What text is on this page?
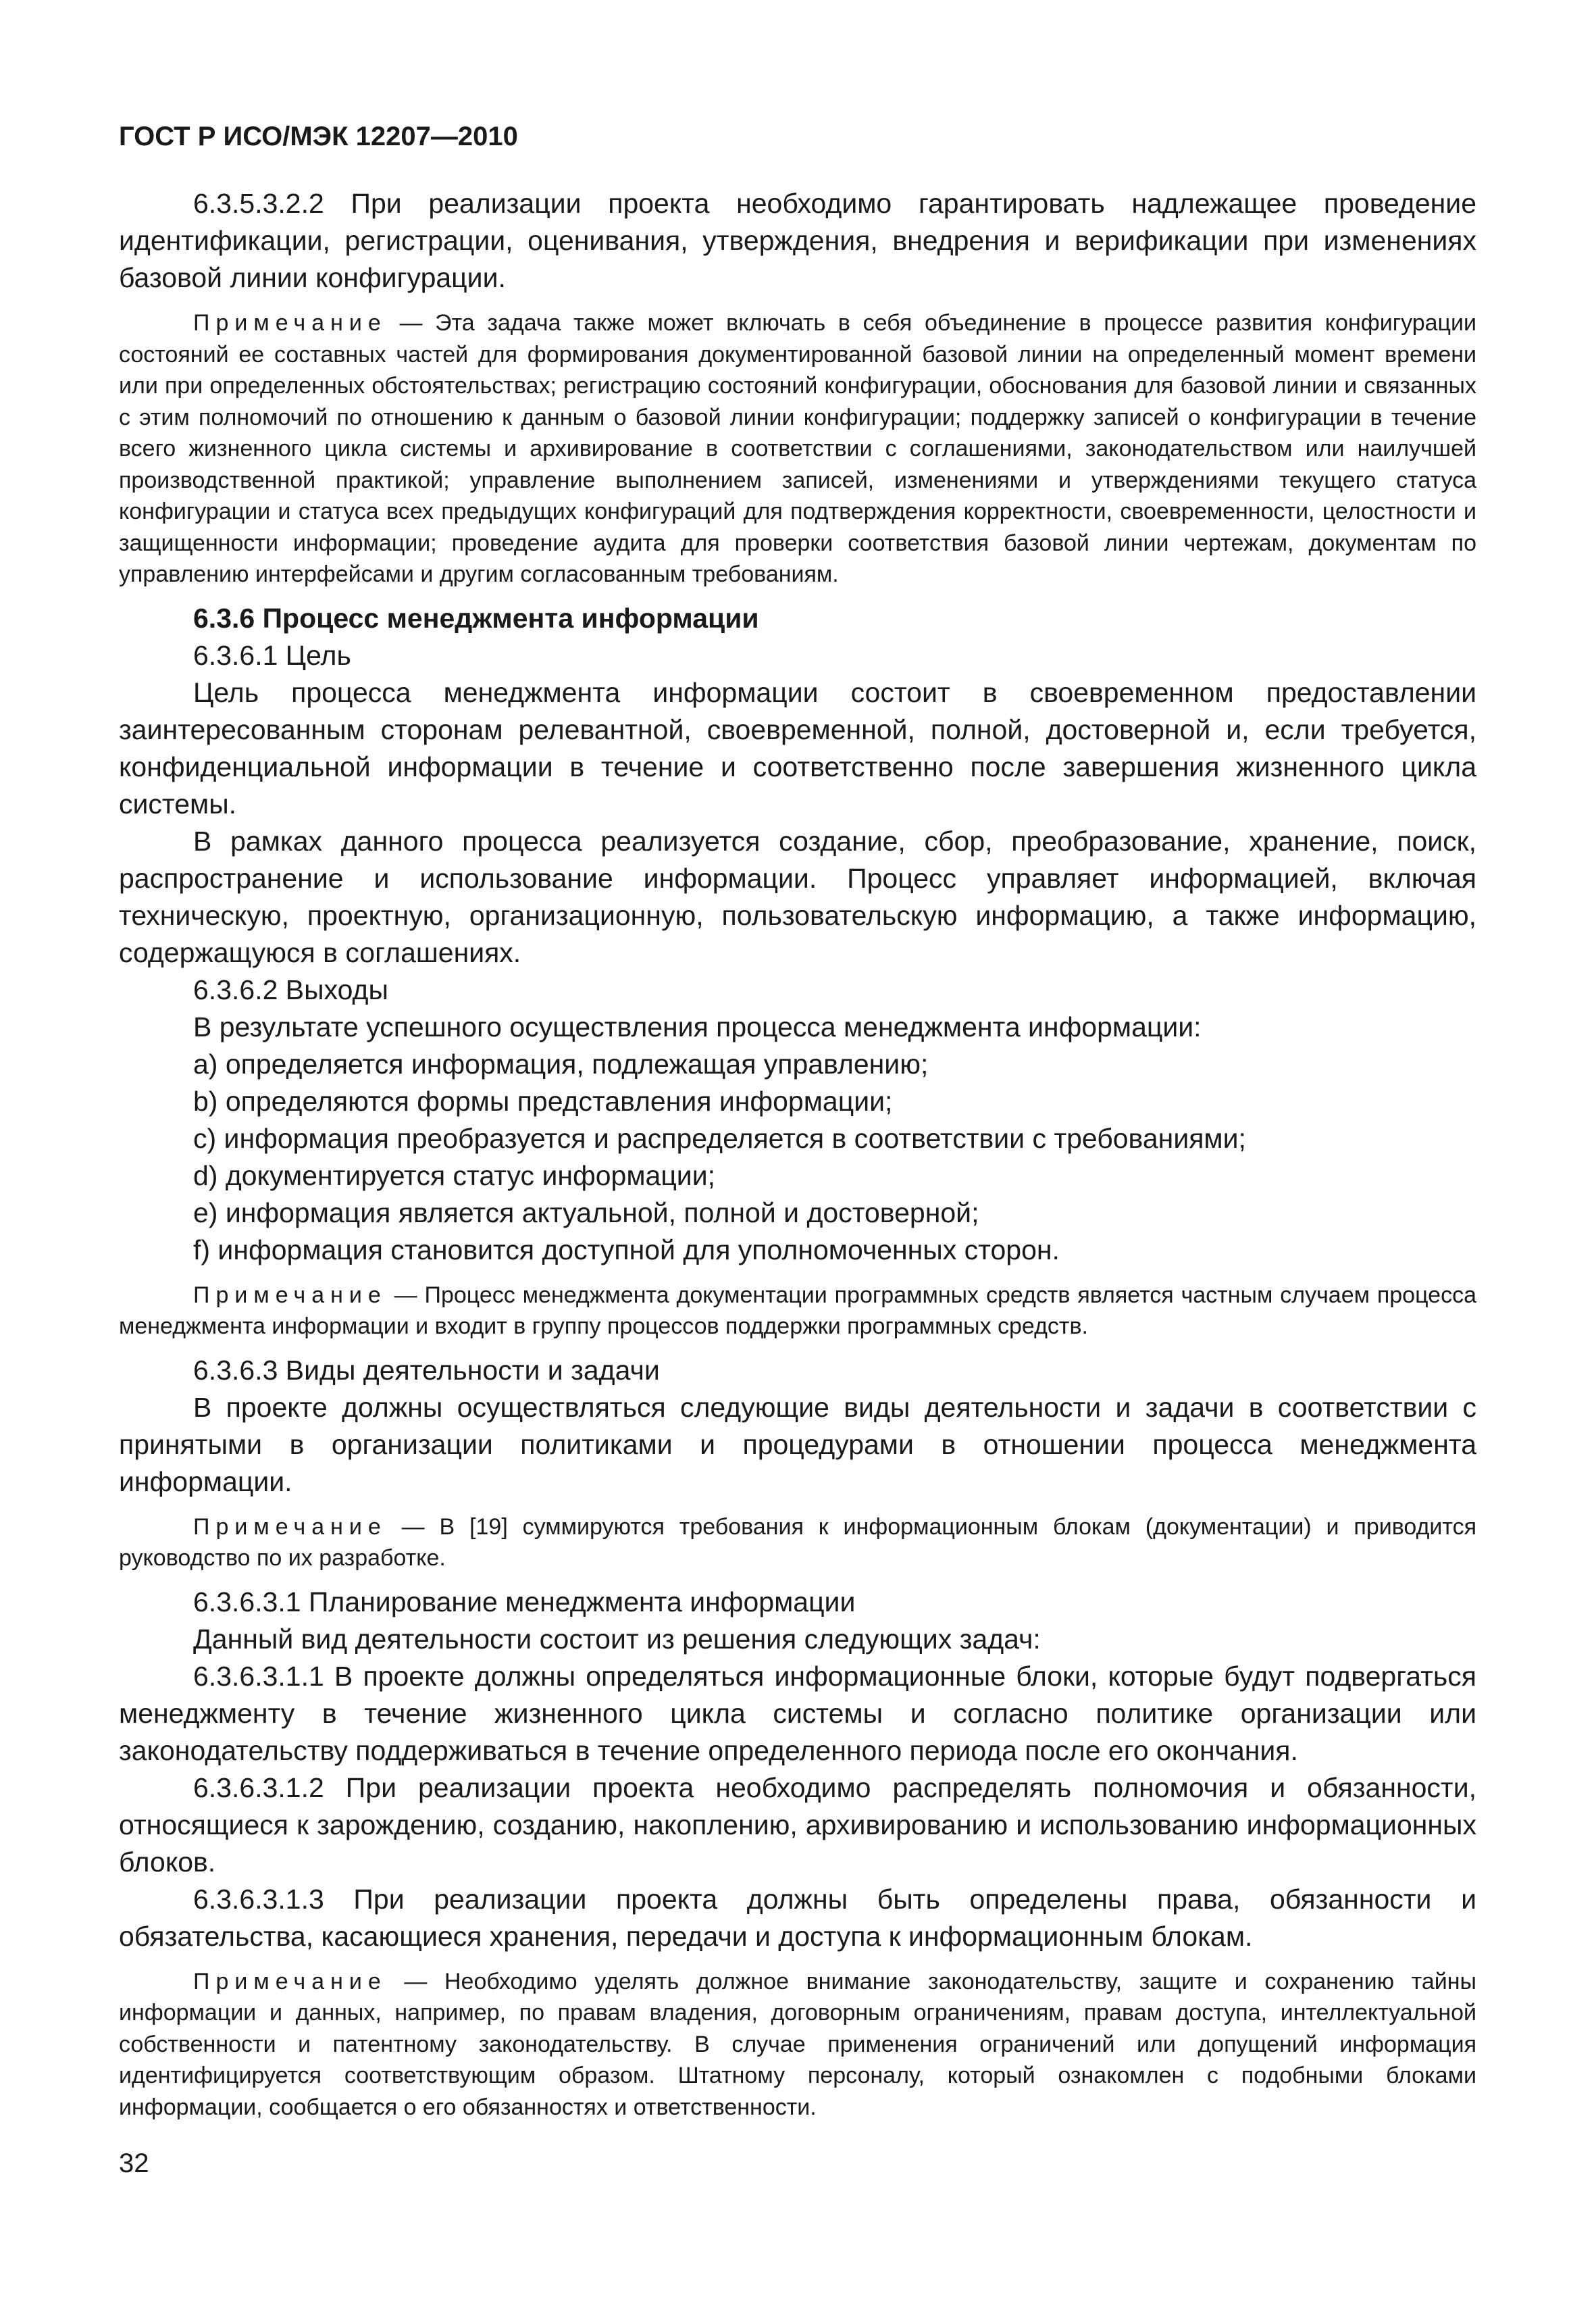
ГОСТ Р ИСО/МЭК 12207—2010

6.3.5.3.2.2 При реализации проекта необходимо гарантировать надлежащее проведение идентификации, регистрации, оценивания, утверждения, внедрения и верификации при изменениях базовой линии конфигурации.

Примечание — Эта задача также может включать в себя объединение в процессе развития конфигурации состояний ее составных частей для формирования документированной базовой линии на определенный момент времени или при определенных обстоятельствах; регистрацию состояний конфигурации, обоснования для базовой линии и связанных с этим полномочий по отношению к данным о базовой линии конфигурации; поддержку записей о конфигурации в течение всего жизненного цикла системы и архивирование в соответствии с соглашениями, законодательством или наилучшей производственной практикой; управление выполнением записей, изменениями и утверждениями текущего статуса конфигурации и статуса всех предыдущих конфигураций для подтверждения корректности, своевременности, целостности и защищенности информации; проведение аудита для проверки соответствия базовой линии чертежам, документам по управлению интерфейсами и другим согласованным требованиям.

6.3.6 Процесс менеджмента информации

6.3.6.1 Цель

Цель процесса менеджмента информации состоит в своевременном предоставлении заинтересованным сторонам релевантной, своевременной, полной, достоверной и, если требуется, конфиденциальной информации в течение и соответственно после завершения жизненного цикла системы.

В рамках данного процесса реализуется создание, сбор, преобразование, хранение, поиск, распространение и использование информации. Процесс управляет информацией, включая техническую, проектную, организационную, пользовательскую информацию, а также информацию, содержащуюся в соглашениях.

6.3.6.2 Выходы

В результате успешного осуществления процесса менеджмента информации:

а) определяется информация, подлежащая управлению;

b) определяются формы представления информации;

c) информация преобразуется и распределяется в соответствии с требованиями;

d) документируется статус информации;

e) информация является актуальной, полной и достоверной;

f) информация становится доступной для уполномоченных сторон.

Примечание — Процесс менеджмента документации программных средств является частным случаем процесса менеджмента информации и входит в группу процессов поддержки программных средств.

6.3.6.3 Виды деятельности и задачи

В проекте должны осуществляться следующие виды деятельности и задачи в соответствии с принятыми в организации политиками и процедурами в отношении процесса менеджмента информации.

Примечание — В [19] суммируются требования к информационным блокам (документации) и приводится руководство по их разработке.

6.3.6.3.1 Планирование менеджмента информации

Данный вид деятельности состоит из решения следующих задач:

6.3.6.3.1.1 В проекте должны определяться информационные блоки, которые будут подвергаться менеджменту в течение жизненного цикла системы и согласно политике организации или законодательству поддерживаться в течение определенного периода после его окончания.

6.3.6.3.1.2 При реализации проекта необходимо распределять полномочия и обязанности, относящиеся к зарождению, созданию, накоплению, архивированию и использованию информационных блоков.

6.3.6.3.1.3 При реализации проекта должны быть определены права, обязанности и обязательства, касающиеся хранения, передачи и доступа к информационным блокам.

Примечание — Необходимо уделять должное внимание законодательству, защите и сохранению тайны информации и данных, например, по правам владения, договорным ограничениям, правам доступа, интеллектуальной собственности и патентному законодательству. В случае применения ограничений или допущений информация идентифицируется соответствующим образом. Штатному персоналу, который ознакомлен с подобными блоками информации, сообщается о его обязанностях и ответственности.

32
